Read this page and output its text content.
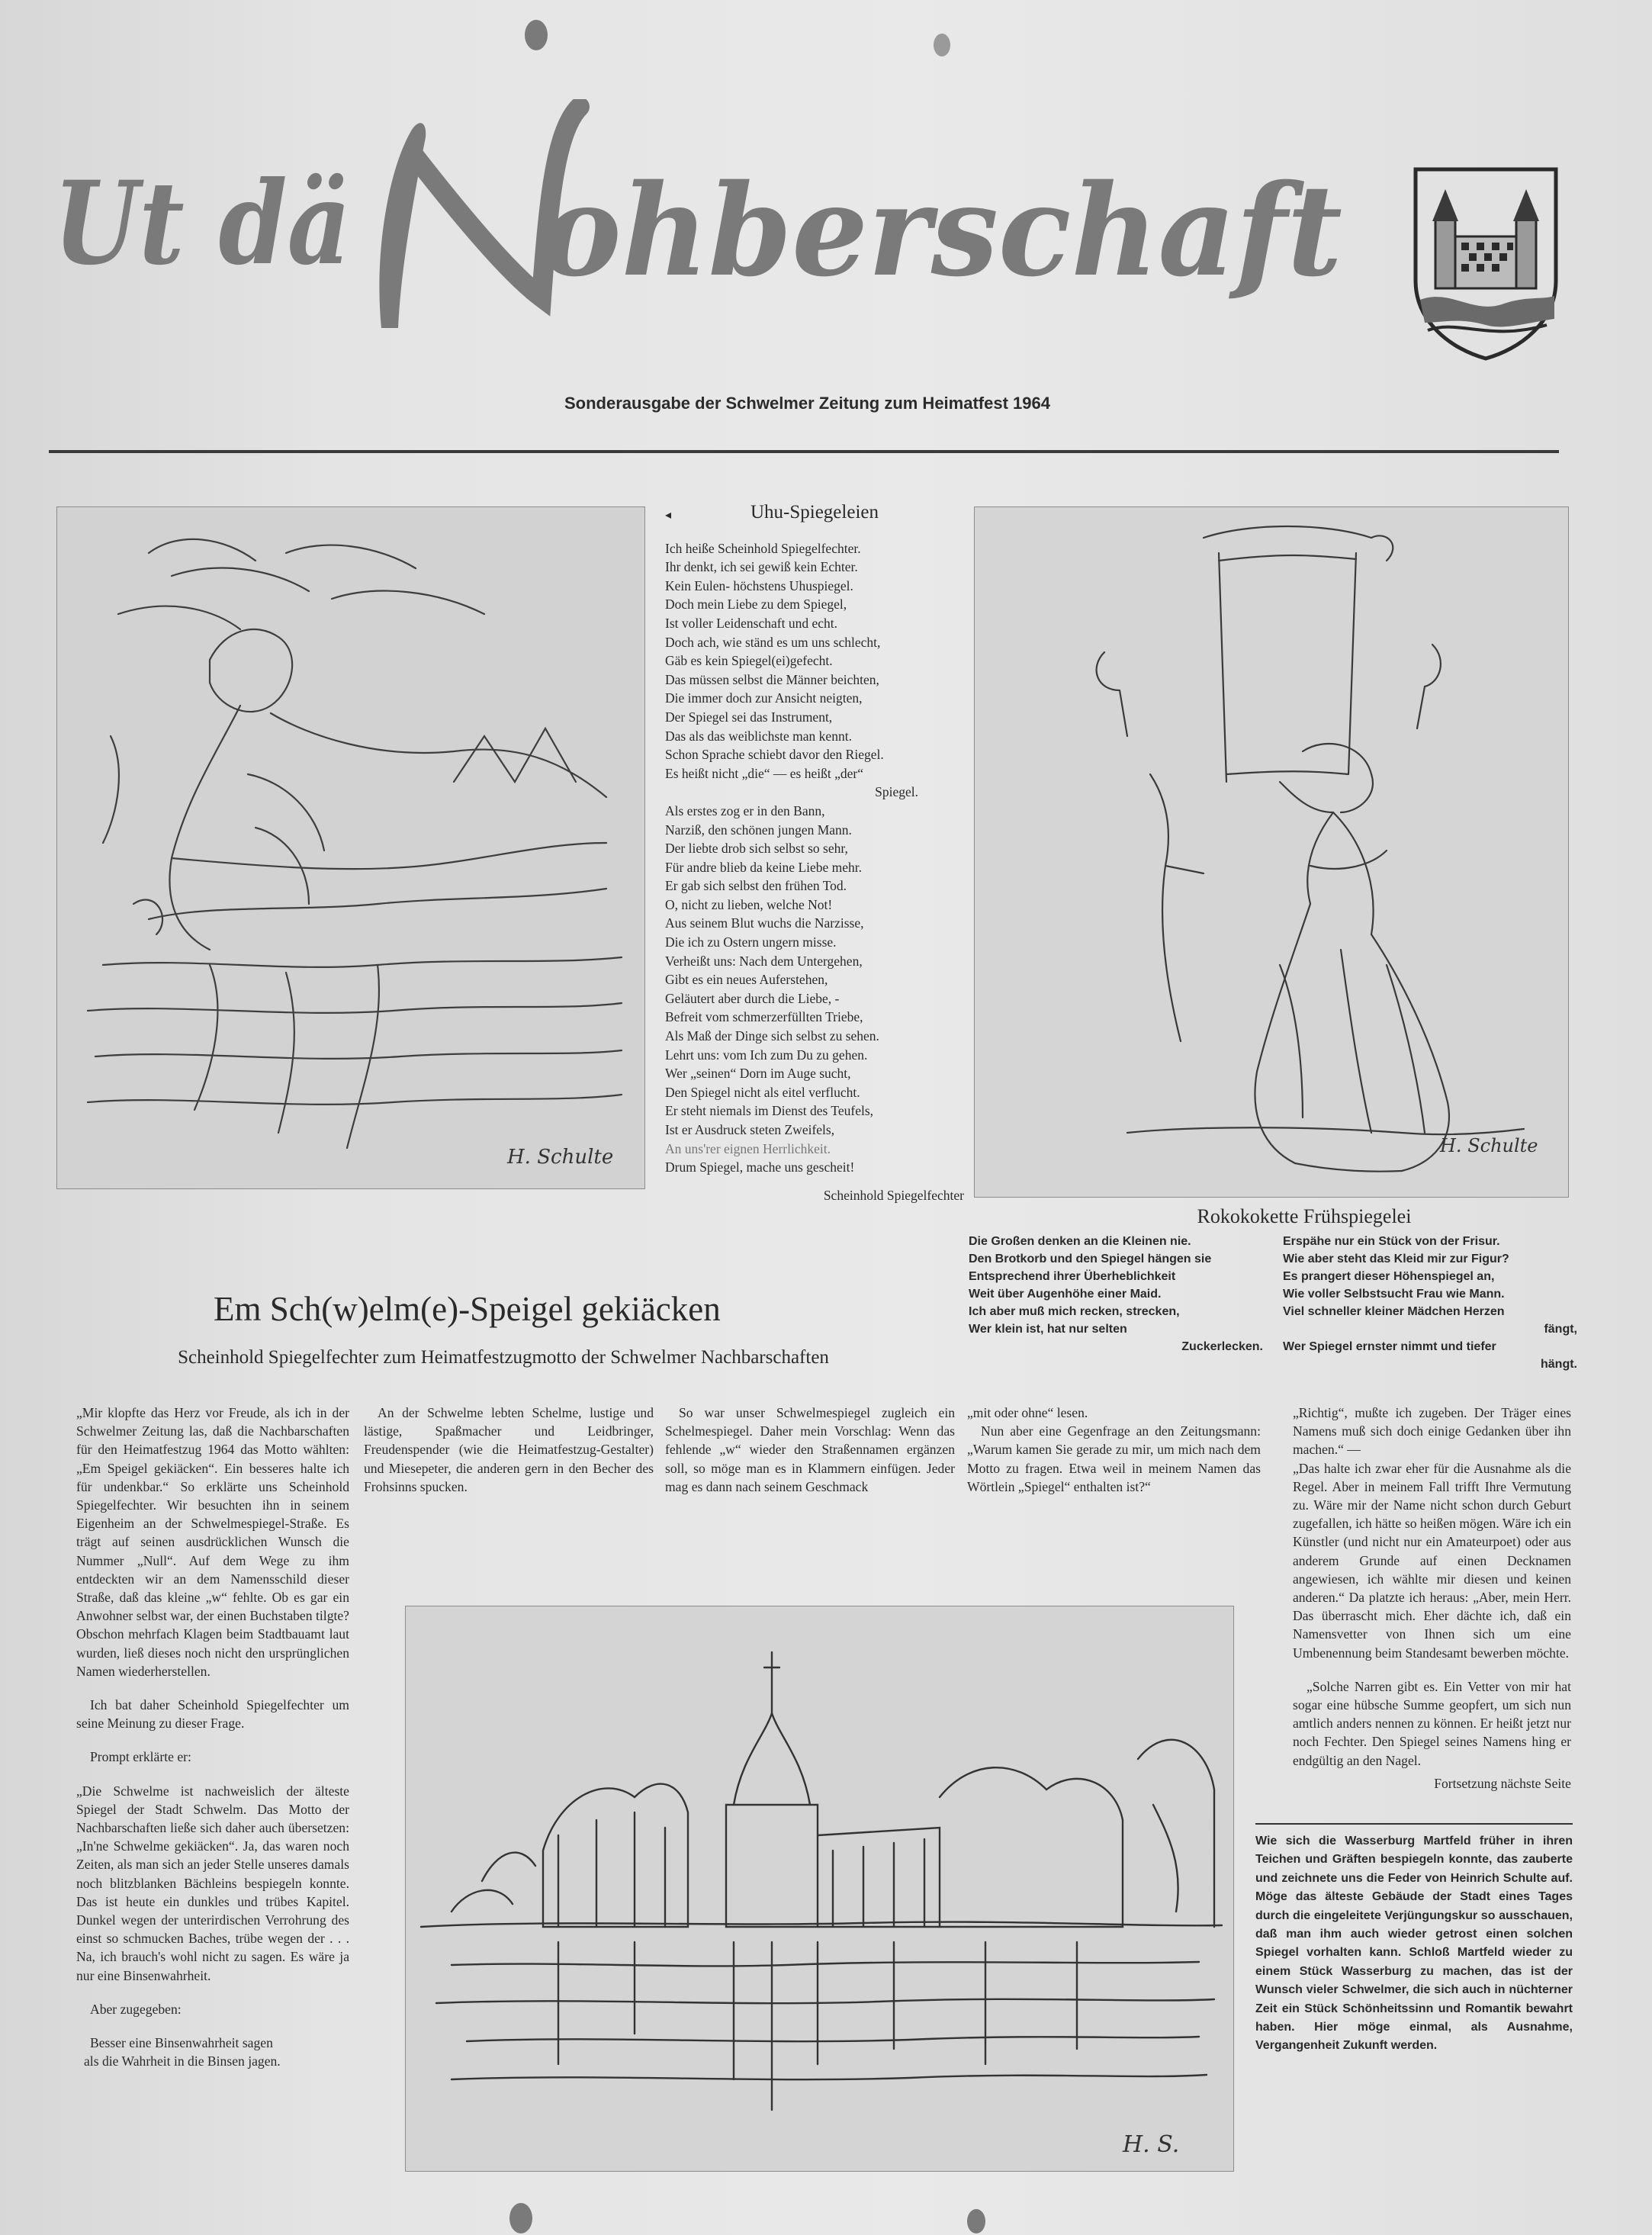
Ut dä ohberschaft
Sonderausgabe der Schwelmer Zeitung zum Heimatfest 1964
H. Schulte
◂	Uhu-Spiegeleien
Ich heiße Scheinhold Spiegelfechter.
Ihr denkt, ich sei gewiß kein Echter.
Kein Eulen- höchstens Uhuspiegel.
Doch mein Liebe zu dem Spiegel,
Ist voller Leidenschaft und echt.
Doch ach, wie ständ es um uns schlecht,
Gäb es kein Spiegel(ei)gefecht.
Das müssen selbst die Männer beichten,
Die immer doch zur Ansicht neigten,
Der Spiegel sei das Instrument,
Das als das weiblichste man kennt.
Schon Sprache schiebt davor den Riegel.
Es heißt nicht „die“ — es heißt „der“
Spiegel.
Als erstes zog er in den Bann,
Narziß, den schönen jungen Mann.
Der liebte drob sich selbst so sehr,
Für andre blieb da keine Liebe mehr.
Er gab sich selbst den frühen Tod.
O, nicht zu lieben, welche Not!
Aus seinem Blut wuchs die Narzisse,
Die ich zu Ostern ungern misse.
Verheißt uns: Nach dem Untergehen,
Gibt es ein neues Auferstehen,
Geläutert aber durch die Liebe, -
Befreit vom schmerzerfüllten Triebe,
Als Maß der Dinge sich selbst zu sehen.
Lehrt uns: vom Ich zum Du zu gehen.
Wer „seinen“ Dorn im Auge sucht,
Den Spiegel nicht als eitel verflucht.
Er steht niemals im Dienst des Teufels,
Ist er Ausdruck steten Zweifels,
An uns'rer eignen Herrlichkeit.
Drum Spiegel, mache uns gescheit!
Scheinhold Spiegelfechter
H. Schulte
Rokokokette Frühspiegelei
Die Großen denken an die Kleinen nie.
Den Brotkorb und den Spiegel hängen sie
Entsprechend ihrer Überheblichkeit
Weit über Augenhöhe einer Maid.
Ich aber muß mich recken, strecken,
Wer klein ist, hat nur selten
Zuckerlecken.
Erspähe nur ein Stück von der Frisur.
Wie aber steht das Kleid mir zur Figur?
Es prangert dieser Höhenspiegel an,
Wie voller Selbstsucht Frau wie Mann.
Viel schneller kleiner Mädchen Herzen
fängt,
Wer Spiegel ernster nimmt und tiefer
hängt.
Em Sch(w)elm(e)-Speigel gekiäcken
Scheinhold Spiegelfechter zum Heimatfestzugmotto der Schwelmer Nachbarschaften

„Mir klopfte das Herz vor Freude, als ich in der Schwelmer Zeitung las, daß die Nachbarschaften für den Heimatfestzug 1964 das Motto wählten: „Em Speigel gekiäcken“. Ein besseres halte ich für undenkbar.“ So erklärte uns Scheinhold Spiegelfechter. Wir besuchten ihn in seinem Eigenheim an der Schwelmespiegel-Straße. Es trägt auf seinen ausdrücklichen Wunsch die Nummer „Null“. Auf dem Wege zu ihm entdeckten wir an dem Namensschild dieser Straße, daß das kleine „w“ fehlte. Ob es gar ein Anwohner selbst war, der einen Buchstaben tilgte? Obschon mehrfach Klagen beim Stadtbauamt laut wurden, ließ dieses noch nicht den ursprünglichen Namen wiederherstellen.

Ich bat daher Scheinhold Spiegelfechter um seine Meinung zu dieser Frage.

Prompt erklärte er:

„Die Schwelme ist nachweislich der älteste Spiegel der Stadt Schwelm. Das Motto der Nachbarschaften ließe sich daher auch übersetzen: „In'ne Schwelme gekiäcken“. Ja, das waren noch Zeiten, als man sich an jeder Stelle unseres damals noch blitzblanken Bächleins bespiegeln konnte. Das ist heute ein dunkles und trübes Kapitel. Dunkel wegen der unterirdischen Verrohrung des einst so schmucken Baches, trübe wegen der . . . Na, ich brauch's wohl nicht zu sagen. Es wäre ja nur eine Binsenwahrheit.

Aber zugegeben:

Besser eine Binsenwahrheit sagen
als die Wahrheit in die Binsen jagen.

An der Schwelme lebten Schelme, lustige und lästige, Spaßmacher und Leidbringer, Freudenspender (wie die Heimatfestzug-Gestalter) und Miesepeter, die anderen gern in den Becher des Frohsinns spucken.

So war unser Schwelmespiegel zugleich ein Schelmespiegel. Daher mein Vorschlag: Wenn das fehlende „w“ wieder den Straßennamen ergänzen soll, so möge man es in Klammern einfügen. Jeder mag es dann nach seinem Geschmack

„mit oder ohne“ lesen.

Nun aber eine Gegenfrage an den Zeitungsmann: „Warum kamen Sie gerade zu mir, um mich nach dem Motto zu fragen. Etwa weil in meinem Namen das Wörtlein „Spiegel“ enthalten ist?“

„Richtig“, mußte ich zugeben. Der Träger eines Namens muß sich doch einige Gedanken über ihn machen.“ —

„Das halte ich zwar eher für die Ausnahme als die Regel. Aber in meinem Fall trifft Ihre Vermutung zu. Wäre mir der Name nicht schon durch Geburt zugefallen, ich hätte so heißen mögen. Wäre ich ein Künstler (und nicht nur ein Amateurpoet) oder aus anderem Grunde auf einen Decknamen angewiesen, ich wählte mir diesen und keinen anderen.“ Da platzte ich heraus: „Aber, mein Herr. Das überrascht mich. Eher dächte ich, daß ein Namensvetter von Ihnen sich um eine Umbenennung beim Standesamt bewerben möchte.

„Solche Narren gibt es. Ein Vetter von mir hat sogar eine hübsche Summe geopfert, um sich nun amtlich anders nennen zu können. Er heißt jetzt nur noch Fechter. Den Spiegel seines Namens hing er endgültig an den Nagel.

Fortsetzung nächste Seite
H. S.
Wie sich die Wasserburg Martfeld früher in ihren Teichen und Gräften bespiegeln konnte, das zauberte und zeichnete uns die Feder von Heinrich Schulte auf. Möge das älteste Gebäude der Stadt eines Tages durch die eingeleitete Verjüngungskur so ausschauen, daß man ihm auch wieder getrost einen solchen Spiegel vorhalten kann. Schloß Martfeld wieder zu einem Stück Wasserburg zu machen, das ist der Wunsch vieler Schwelmer, die sich auch in nüchterner Zeit ein Stück Schönheitssinn und Romantik bewahrt haben. Hier möge einmal, als Ausnahme, Vergangenheit Zukunft werden.
